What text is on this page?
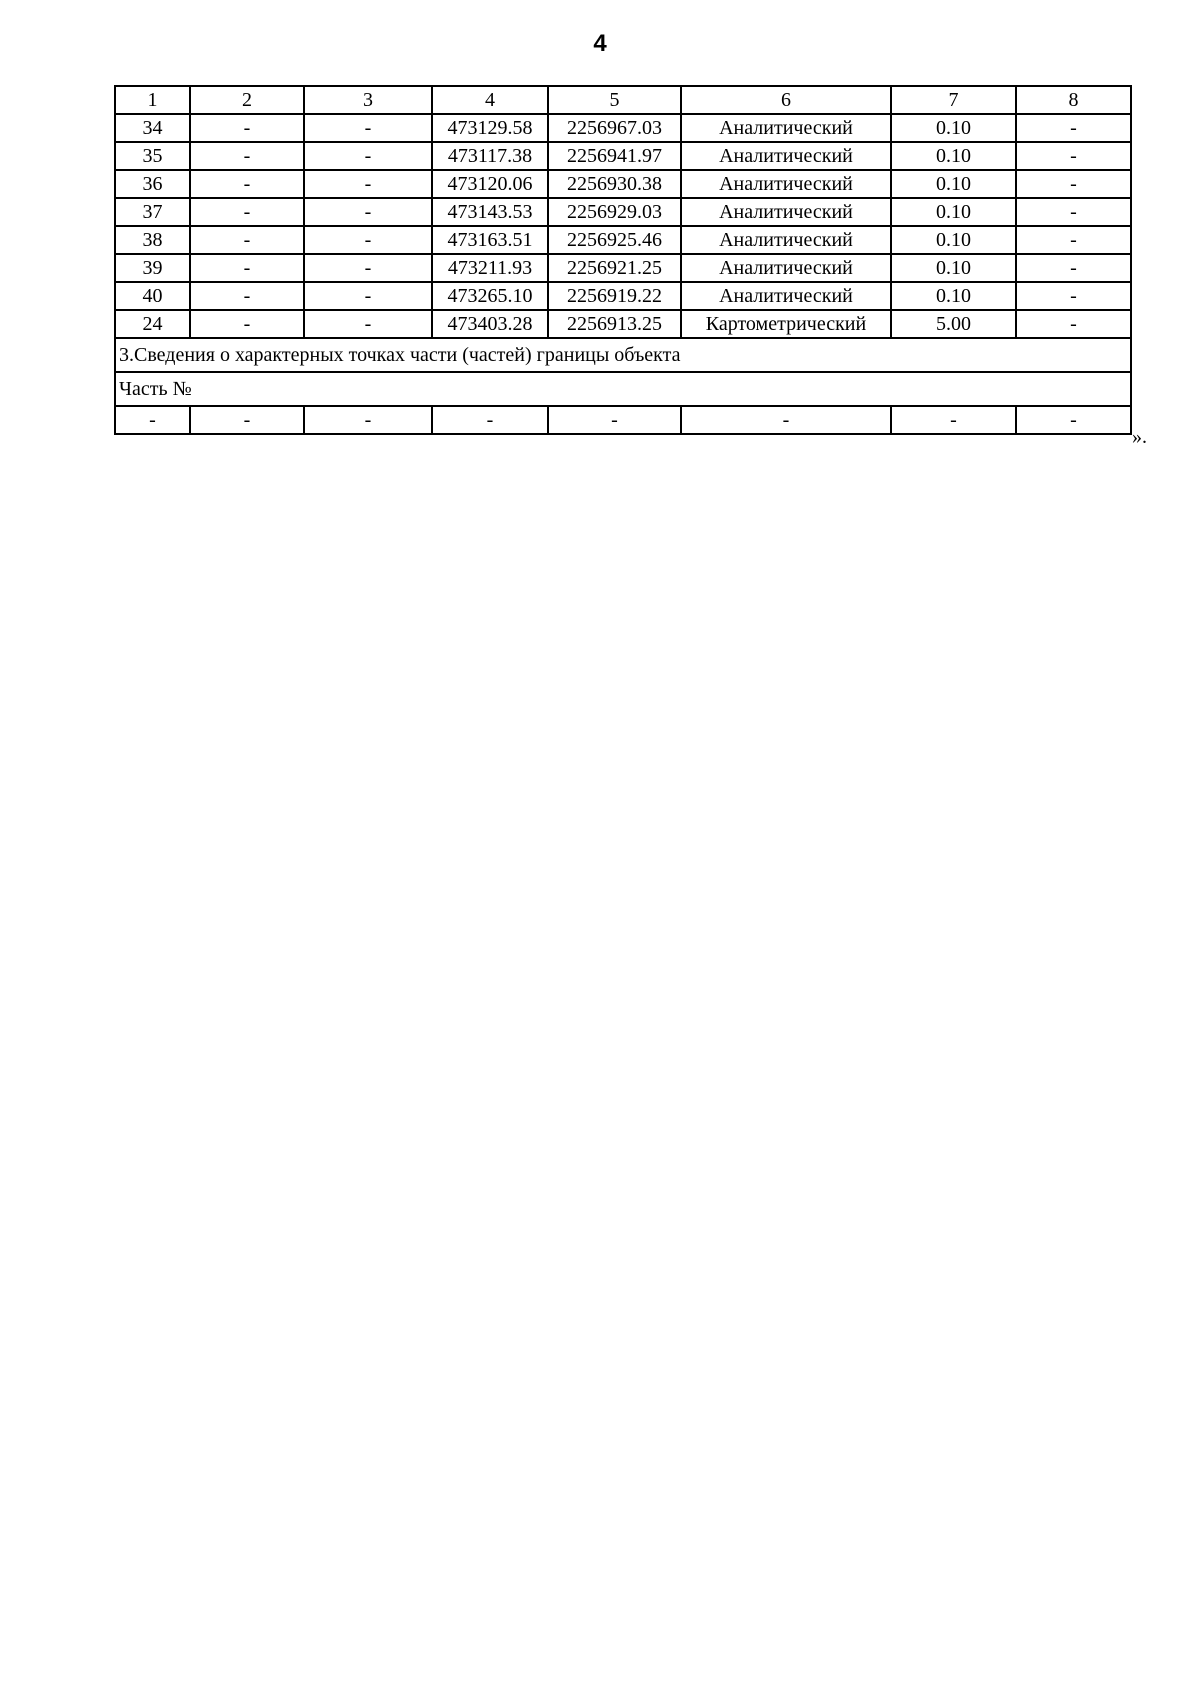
4
1	2	3	4	5	6	7	8
34	-	-	473129.58	2256967.03	Аналитический	0.10	-
35	-	-	473117.38	2256941.97	Аналитический	0.10	-
36	-	-	473120.06	2256930.38	Аналитический	0.10	-
37	-	-	473143.53	2256929.03	Аналитический	0.10	-
38	-	-	473163.51	2256925.46	Аналитический	0.10	-
39	-	-	473211.93	2256921.25	Аналитический	0.10	-
40	-	-	473265.10	2256919.22	Аналитический	0.10	-
24	-	-	473403.28	2256913.25	Картометрический	5.00	-
3.Сведения о характерных точках части (частей) границы объекта							
Часть №							
-	-	-	-	-	-	-	-
».
